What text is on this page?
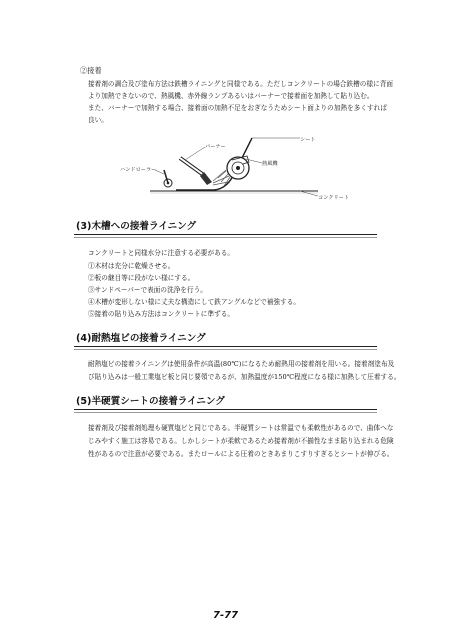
②接着
接着剤の調合及び塗布方法は鉄槽ライニングと同様である。ただしコンクリートの場合鉄槽の様に背面
より加熱できないので、熱風機、赤外線ランプあるいはバーナーで接着面を加熱して貼り込む。
また、バーナーで加熱する場合、接着面の加熱不足をおぎなうためシート面よりの加熱を多くすれば
良い。
シート
バーナー
ハンドローラー
熱風機
コンクリート
(3)木槽への接着ライニング
コンクリートと同様水分に注意する必要がある。
①木材は充分に乾燥させる。
②板の継目等に段がない様にする。
③サンドペーパーで表面の洗浄を行う。
④木槽が変形しない様に丈夫な構造にして鉄アングルなどで補強する。
⑤接着の貼り込み方法はコンクリートに準ずる。
(4)耐熱塩ビの接着ライニング
耐熱塩ビの接着ライニングは使用条件が高温(80℃)になるため耐熱用の接着剤を用いる。接着剤塗布及
び貼り込みは一般工業塩ビ板と同じ要領であるが、加熱温度が150℃程度になる様に加熱して圧着する。
(5)半硬質シートの接着ライニング
接着剤及び接着剤処理も硬質塩ビと同じである。半硬質シートは常温でも柔軟性があるので、曲体へな
じみやすく施工は容易である。しかしシートが柔軟であるため接着剤が不揃性なまま貼り込まれる危険
性があるので注意が必要である。またロールによる圧着のときあまりこすりすぎるとシートが伸びる。
7-77
